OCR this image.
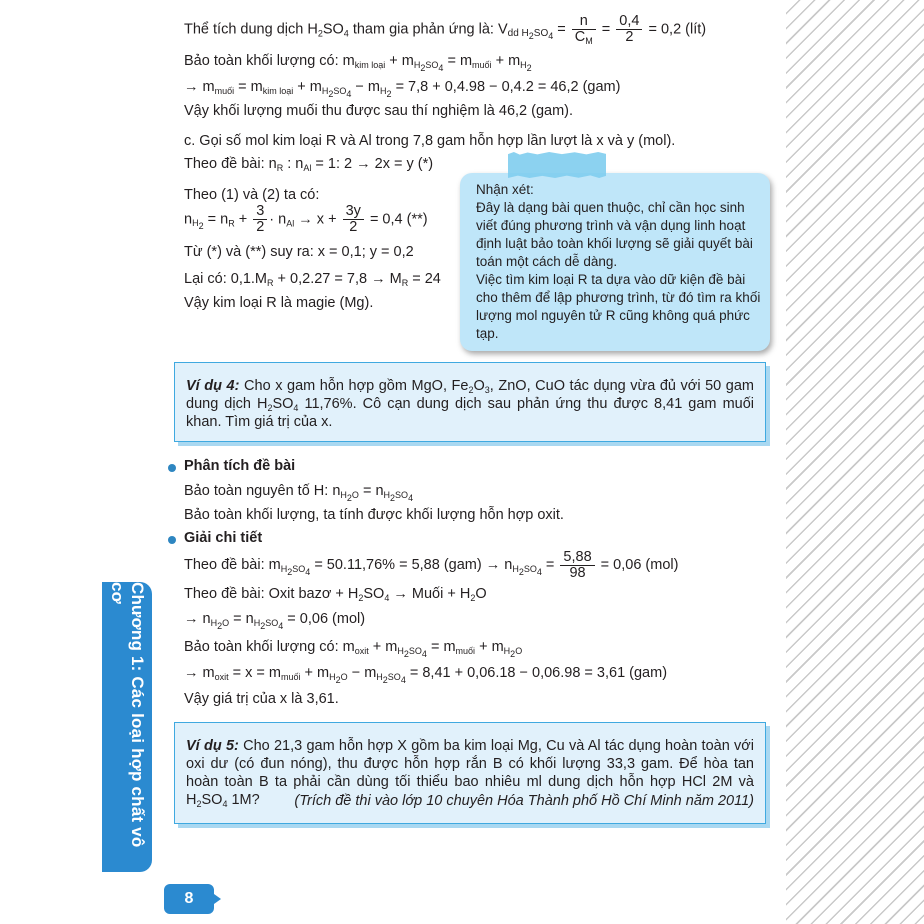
Thể tích dung dịch $H_2SO_4$ tham gia phản ứng là: $V_{dd H_2SO_4} = \frac{n}{C_M} = \frac{0,4}{2} = 0,2$ (lít)
Bảo toàn khối lượng có: $m_{kim loại} + m_{H_2SO_4} = m_{muối} + m_{H_2}$
→ $m_{muối} = m_{kim loại} + m_{H_2SO_4} - m_{H_2} = 7,8 + 0,4.98 - 0,4.2 = 46,2$ (gam)
Vậy khối lượng muối thu được sau thí nghiệm là 46,2 (gam).
c. Gọi số mol kim loại R và Al trong 7,8 gam hỗn hợp lần lượt là x và y (mol).
Theo đề bài: $n_R$ : $n_{Al} = 1$: 2 → 2x = y (*)
Theo (1) và (2) ta có:
$n_{H_2} = n_R + \frac{3}{2} \cdot n_{Al} \to x + \frac{3y}{2} = 0,4$ (**)
Từ (*) và (**) suy ra: x = 0,1; y = 0,2
Lại có: $0,1.M_R + 0,2.27 = 7,8 \to M_R = 24$
Vậy kim loại R là magie (Mg).
Nhận xét:
Đây là dạng bài quen thuộc, chỉ cần học sinh viết đúng phương trình và vận dụng linh hoạt định luật bảo toàn khối lượng sẽ giải quyết bài toán một cách dễ dàng.
Việc tìm kim loại R ta dựa vào dữ kiện đề bài cho thêm để lập phương trình, từ đó tìm ra khối lượng mol nguyên tử R cũng không quá phức tạp.
Ví dụ 4: Cho x gam hỗn hợp gồm MgO, $Fe_2O_3$, ZnO, CuO tác dụng vừa đủ với 50 gam dung dịch $H_2SO_4$ 11,76%. Cô cạn dung dịch sau phản ứng thu được 8,41 gam muối khan. Tìm giá trị của x.
Phân tích đề bài
Bảo toàn nguyên tố H: $n_{H_2O} = n_{H_2SO_4}$
Bảo toàn khối lượng, ta tính được khối lượng hỗn hợp oxit.
Giải chi tiết
Theo đề bài: $m_{H_2SO_4} = 50.11,76\% = 5,88$ $(gam) \to n_{H_2SO_4} = \frac{5,88}{98} = 0,06$ (mol)
Theo đề bài: Oxit bazơ + $H_2SO_4$ → Muối + $H_2O$
→ $n_{H_2O} = n_{H_2SO_4} = 0,06$ (mol)
Bảo toàn khối lượng có: $m_{oxit} + m_{H_2SO_4} = m_{muối} + m_{H_2O}$
→ $m_{oxit} = x = m_{muối} + m_{H_2O} - m_{H_2SO_4} = 8,41 + 0,06.18 - 0,06.98 = 3,61$ (gam)
Vậy giá trị của x là 3,61.
Ví dụ 5: Cho 21,3 gam hỗn hợp X gồm ba kim loại Mg, Cu và Al tác dụng hoàn toàn với oxi dư (có đun nóng), thu được hỗn hợp rắn B có khối lượng 33,3 gam. Để hòa tan hoàn toàn B ta phải cần dùng tối thiểu bao nhiêu ml dung dịch hỗn hợp HCl 2M và $H_2SO_4$ 1M?	(Trích đề thi vào lớp 10 chuyên Hóa Thành phố Hồ Chí Minh năm 2011)
Chương 1: Các loại hợp chất vô cơ
8
